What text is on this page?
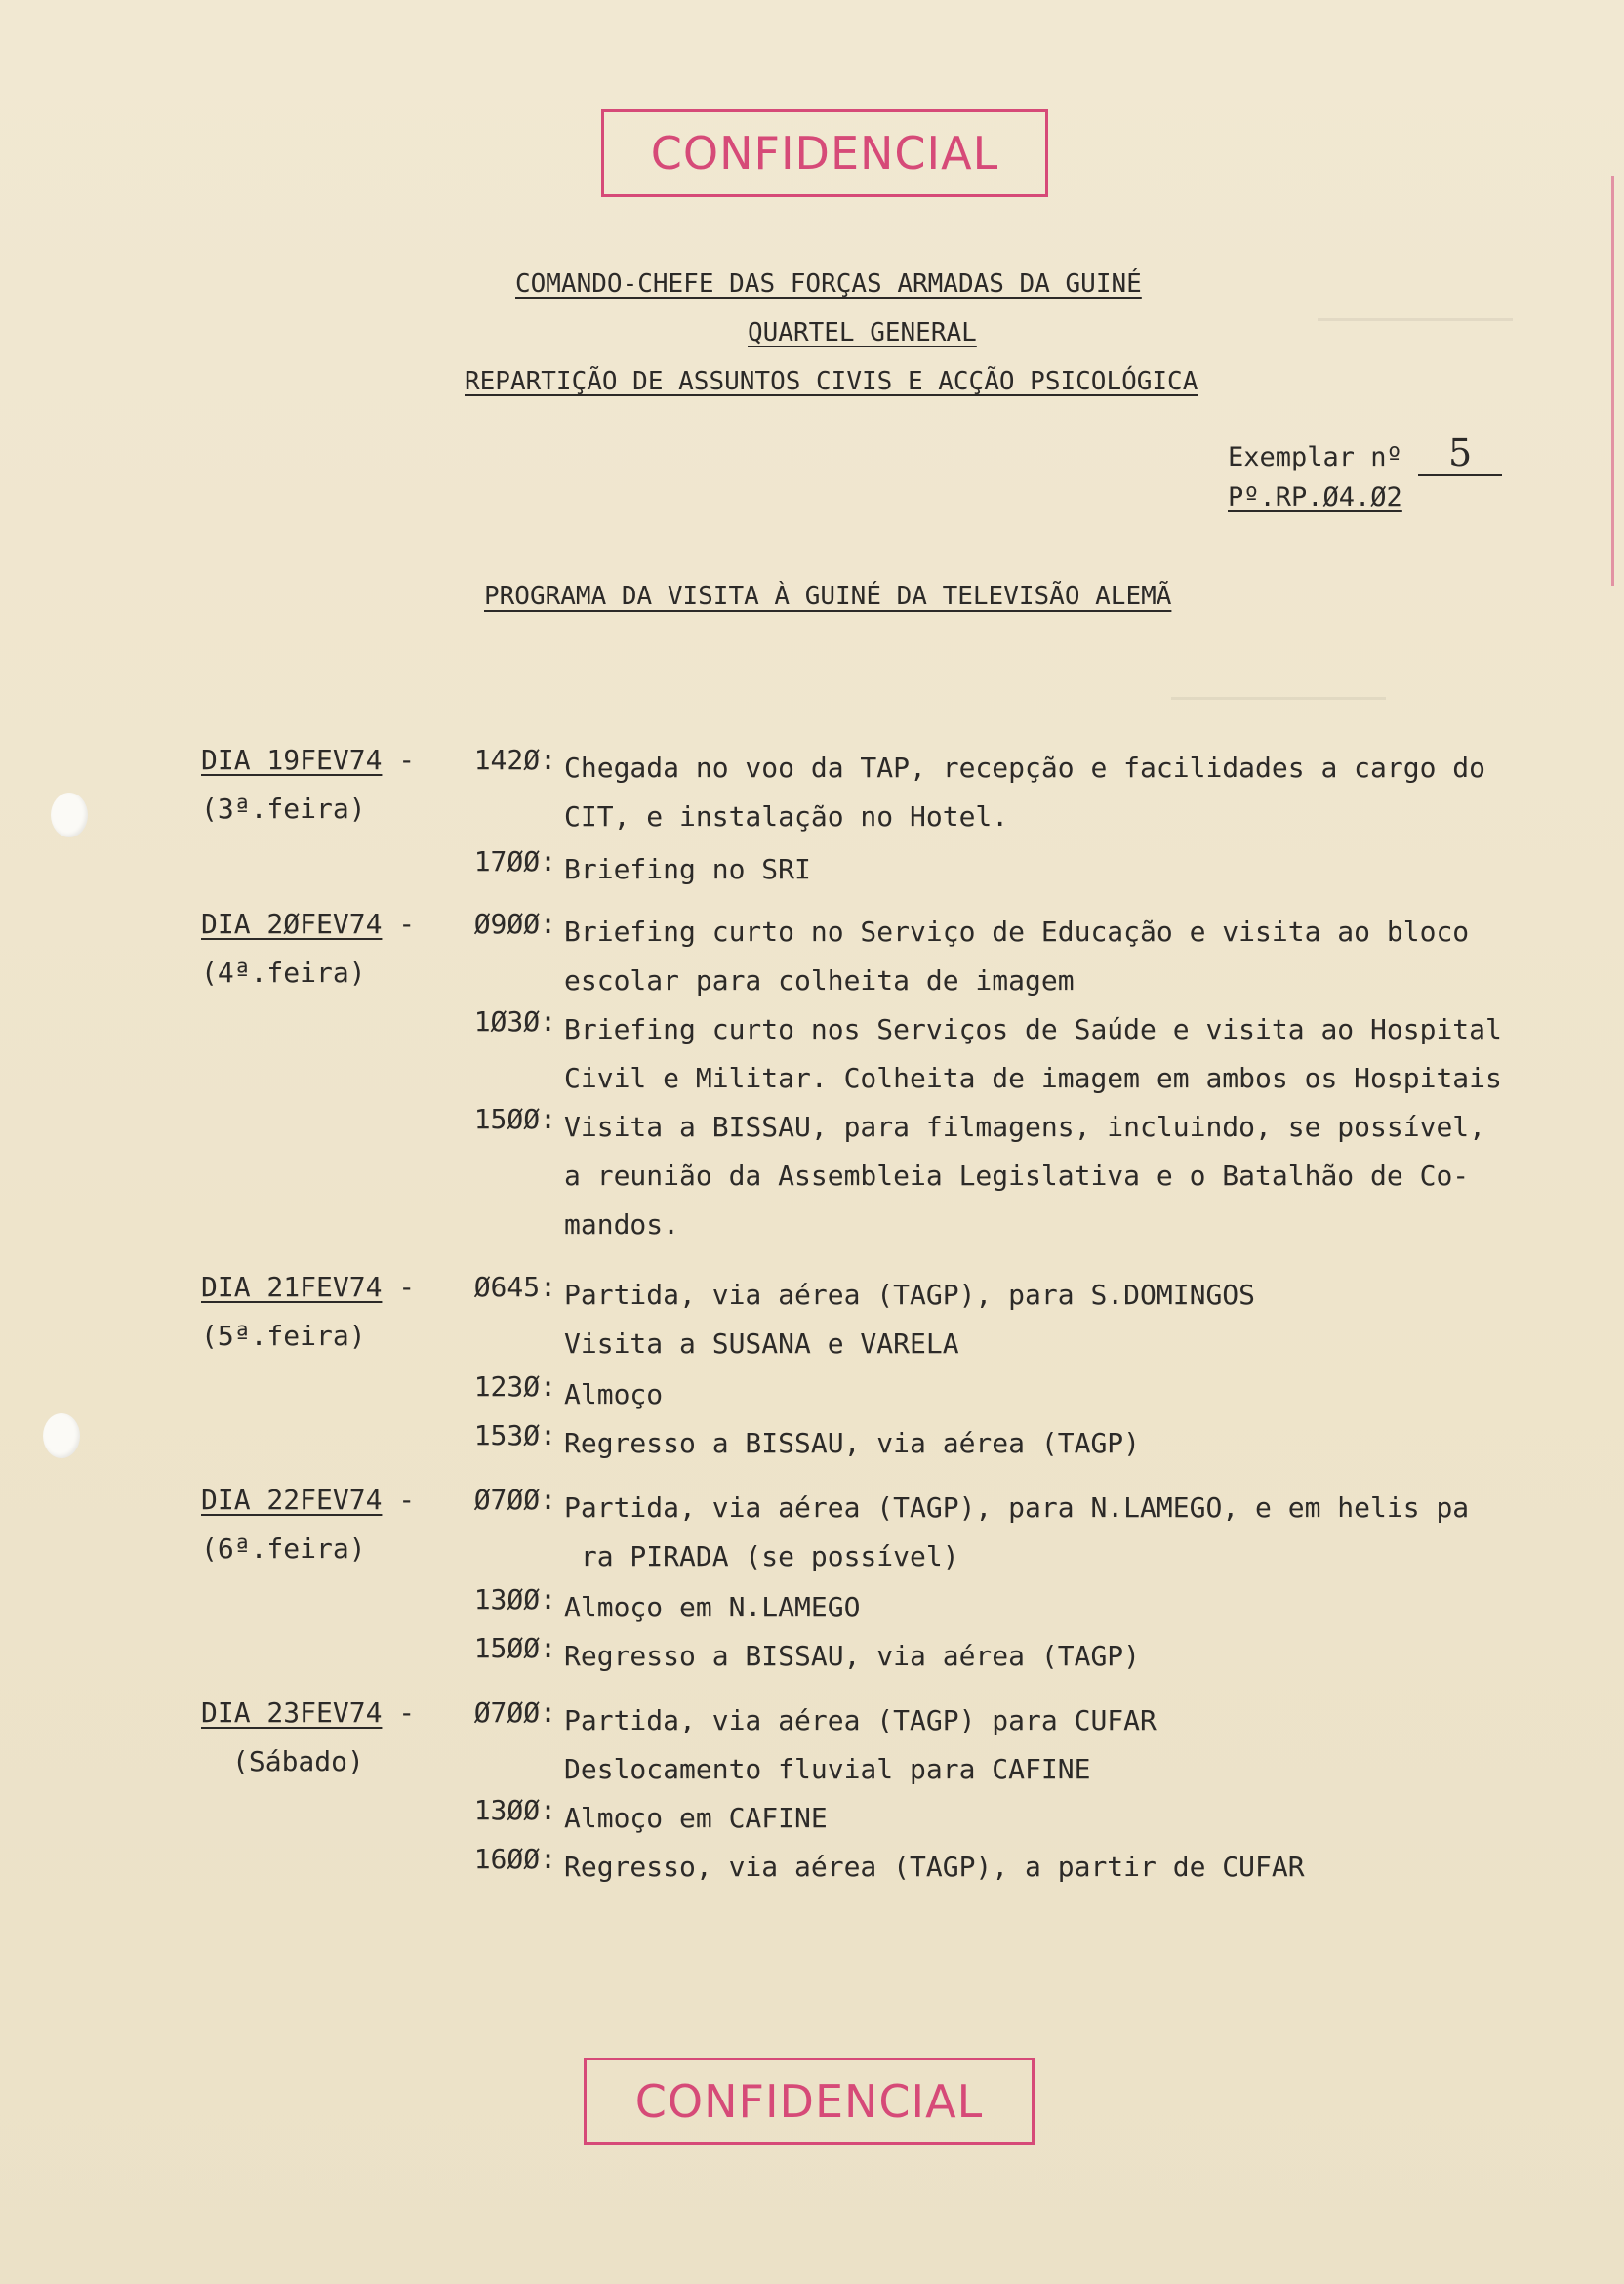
CONFIDENCIAL
COMANDO-CHEFE DAS FORÇAS ARMADAS DA GUINÉ
QUARTEL GENERAL
REPARTIÇÃO DE ASSUNTOS CIVIS E ACÇÃO PSICOLÓGICA
Exemplar nº 5
Pº.RP.Ø4.Ø2
PROGRAMA DA VISITA À GUINÉ DA TELEVISÃO ALEMÃ
DIA 19FEV74 -
(3ª.feira)
142Ø: Chegada no voo da TAP, recepção e facilidades a cargo do
CIT, e instalação no Hotel.
17ØØ: Briefing no SRI
DIA 2ØFEV74 -
(4ª.feira)
Ø9ØØ: Briefing curto no Serviço de Educação e visita ao bloco
escolar para colheita de imagem
1Ø3Ø: Briefing curto nos Serviços de Saúde e visita ao Hospital
Civil e Militar. Colheita de imagem em ambos os Hospitais
15ØØ: Visita a BISSAU, para filmagens, incluindo, se possível,
a reunião da Assembleia Legislativa e o Batalhão de Co-
mandos.
DIA 21FEV74 -
(5ª.feira)
Ø645: Partida, via aérea (TAGP), para S.DOMINGOS
Visita a SUSANA e VARELA
123Ø: Almoço
153Ø: Regresso a BISSAU, via aérea (TAGP)
DIA 22FEV74 -
(6ª.feira)
Ø7ØØ: Partida, via aérea (TAGP), para N.LAMEGO, e em helis pa
ra PIRADA (se possível)
13ØØ: Almoço em N.LAMEGO
15ØØ: Regresso a BISSAU, via aérea (TAGP)
DIA 23FEV74 -
(Sábado)
Ø7ØØ: Partida, via aérea (TAGP) para CUFAR
Deslocamento fluvial para CAFINE
13ØØ: Almoço em CAFINE
16ØØ: Regresso, via aérea (TAGP), a partir de CUFAR
CONFIDENCIAL
